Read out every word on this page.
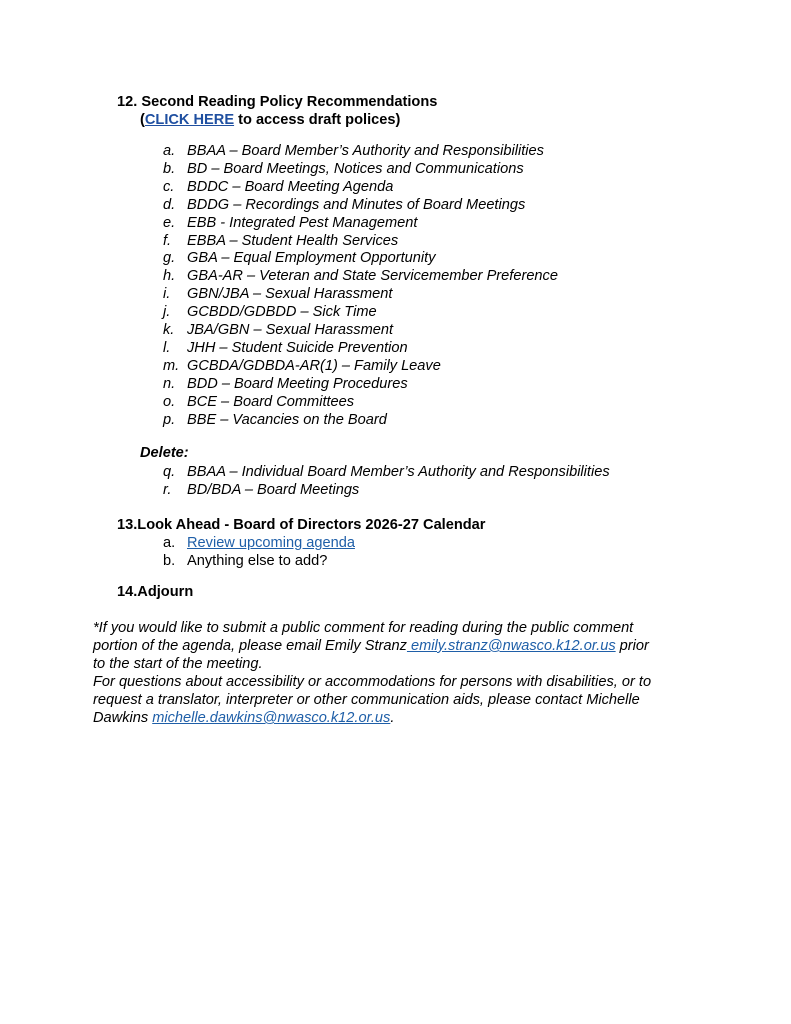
12. Second Reading Policy Recommendations
(CLICK HERE to access draft polices)
a. BBAA – Board Member’s Authority and Responsibilities
b. BD – Board Meetings, Notices and Communications
c. BDDC – Board Meeting Agenda
d. BDDG – Recordings and Minutes of Board Meetings
e. EBB - Integrated Pest Management
f. EBBA – Student Health Services
g. GBA – Equal Employment Opportunity
h. GBA-AR – Veteran and State Servicemember Preference
i. GBN/JBA – Sexual Harassment
j. GCBDD/GDBDD – Sick Time
k. JBA/GBN – Sexual Harassment
l. JHH – Student Suicide Prevention
m. GCBDA/GDBDA-AR(1) – Family Leave
n. BDD – Board Meeting Procedures
o. BCE – Board Committees
p. BBE – Vacancies on the Board
Delete:
q. BBAA – Individual Board Member’s Authority and Responsibilities
r. BD/BDA – Board Meetings
13.Look Ahead - Board of Directors 2026-27 Calendar
a. Review upcoming agenda
b. Anything else to add?
14.Adjourn
*If you would like to submit a public comment for reading during the public comment
portion of the agenda, please email Emily Stranz emily.stranz@nwasco.k12.or.us prior
to the start of the meeting.
For questions about accessibility or accommodations for persons with disabilities, or to
request a translator, interpreter or other communication aids, please contact Michelle
Dawkins michelle.dawkins@nwasco.k12.or.us.
